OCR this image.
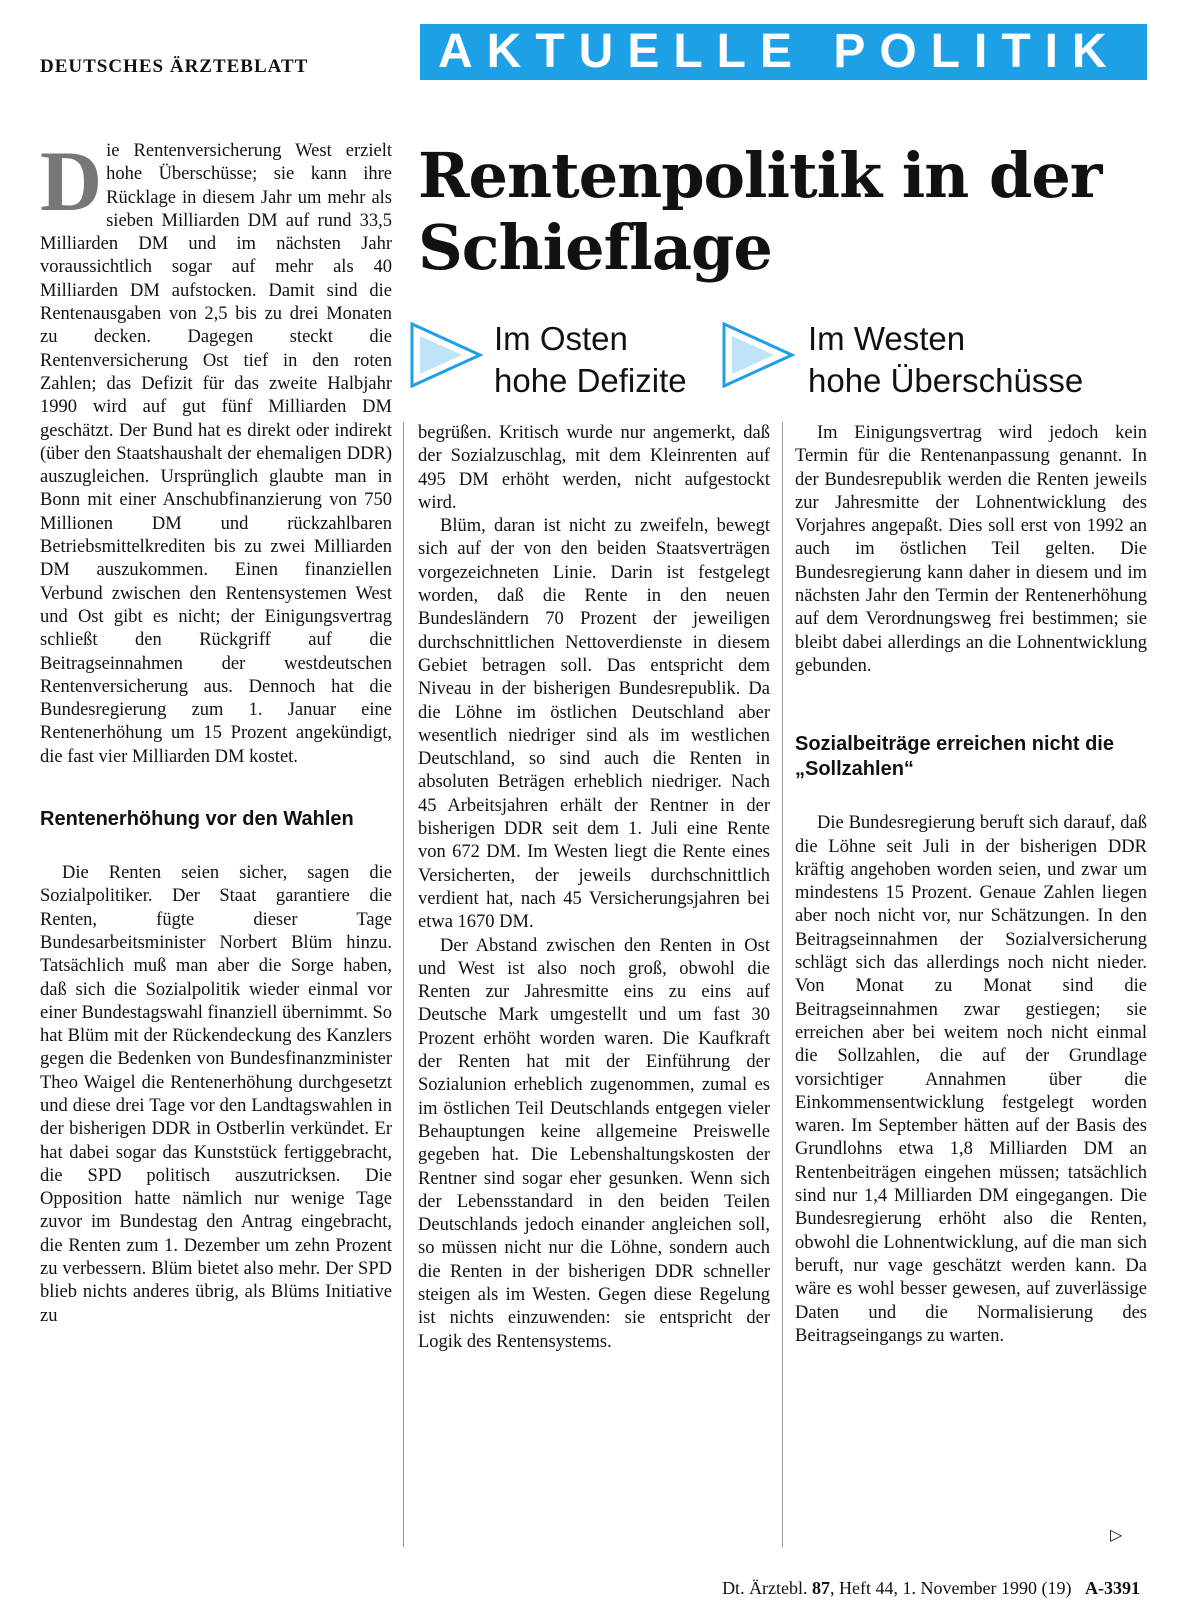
DEUTSCHES ÄRZTEBLATT	AKTUELLE POLITIK
Rentenpolitik in der Schieflage
Im Osten
hohe Defizite
Im Westen
hohe Überschüsse

Die Rentenversicherung West erzielt hohe Überschüsse; sie kann ihre Rücklage in diesem Jahr um mehr als sieben Milliarden DM auf rund 33,5 Milliarden DM und im nächsten Jahr voraussichtlich sogar auf mehr als 40 Milliarden DM aufstocken. Damit sind die Rentenausgaben von 2,5 bis zu drei Monaten zu decken. Dagegen steckt die Rentenversicherung Ost tief in den roten Zahlen; das Defizit für das zweite Halbjahr 1990 wird auf gut fünf Milliarden DM geschätzt. Der Bund hat es direkt oder indirekt (über den Staatshaushalt der ehemaligen DDR) auszugleichen. Ursprünglich glaubte man in Bonn mit einer Anschubfinanzierung von 750 Millionen DM und rückzahlbaren Betriebsmittelkrediten bis zu zwei Milliarden DM auszukommen. Einen finanziellen Verbund zwischen den Rentensystemen West und Ost gibt es nicht; der Einigungsvertrag schließt den Rückgriff auf die Beitragseinnahmen der westdeutschen Rentenversicherung aus. Dennoch hat die Bundesregierung zum 1. Januar eine Rentenerhöhung um 15 Prozent angekündigt, die fast vier Milliarden DM kostet.

Rentenerhöhung vor den Wahlen

Die Renten seien sicher, sagen die Sozialpolitiker. Der Staat garantiere die Renten, fügte dieser Tage Bundesarbeitsminister Norbert Blüm hinzu. Tatsächlich muß man aber die Sorge haben, daß sich die Sozialpolitik wieder einmal vor einer Bundestagswahl finanziell übernimmt. So hat Blüm mit der Rückendeckung des Kanzlers gegen die Bedenken von Bundesfinanzminister Theo Waigel die Rentenerhöhung durchgesetzt und diese drei Tage vor den Landtagswahlen in der bisherigen DDR in Ostberlin verkündet. Er hat dabei sogar das Kunststück fertiggebracht, die SPD politisch auszutricksen. Die Opposition hatte nämlich nur wenige Tage zuvor im Bundestag den Antrag eingebracht, die Renten zum 1. Dezember um zehn Prozent zu verbessern. Blüm bietet also mehr. Der SPD blieb nichts anderes übrig, als Blüms Initiative zu

begrüßen. Kritisch wurde nur angemerkt, daß der Sozialzuschlag, mit dem Kleinrenten auf 495 DM erhöht werden, nicht aufgestockt wird.

Blüm, daran ist nicht zu zweifeln, bewegt sich auf der von den beiden Staatsverträgen vorgezeichneten Linie. Darin ist festgelegt worden, daß die Rente in den neuen Bundesländern 70 Prozent der jeweiligen durchschnittlichen Nettoverdienste in diesem Gebiet betragen soll. Das entspricht dem Niveau in der bisherigen Bundesrepublik. Da die Löhne im östlichen Deutschland aber wesentlich niedriger sind als im westlichen Deutschland, so sind auch die Renten in absoluten Beträgen erheblich niedriger. Nach 45 Arbeitsjahren erhält der Rentner in der bisherigen DDR seit dem 1. Juli eine Rente von 672 DM. Im Westen liegt die Rente eines Versicherten, der jeweils durchschnittlich verdient hat, nach 45 Versicherungsjahren bei etwa 1670 DM.

Der Abstand zwischen den Renten in Ost und West ist also noch groß, obwohl die Renten zur Jahresmitte eins zu eins auf Deutsche Mark umgestellt und um fast 30 Prozent erhöht worden waren. Die Kaufkraft der Renten hat mit der Einführung der Sozialunion erheblich zugenommen, zumal es im östlichen Teil Deutschlands entgegen vieler Behauptungen keine allgemeine Preiswelle gegeben hat. Die Lebenshaltungskosten der Rentner sind sogar eher gesunken. Wenn sich der Lebensstandard in den beiden Teilen Deutschlands jedoch einander angleichen soll, so müssen nicht nur die Löhne, sondern auch die Renten in der bisherigen DDR schneller steigen als im Westen. Gegen diese Regelung ist nichts einzuwenden: sie entspricht der Logik des Rentensystems.

Im Einigungsvertrag wird jedoch kein Termin für die Rentenanpassung genannt. In der Bundesrepublik werden die Renten jeweils zur Jahresmitte der Lohnentwicklung des Vorjahres angepaßt. Dies soll erst von 1992 an auch im östlichen Teil gelten. Die Bundesregierung kann daher in diesem und im nächsten Jahr den Termin der Rentenerhöhung auf dem Verordnungsweg frei bestimmen; sie bleibt dabei allerdings an die Lohnentwicklung gebunden.

Sozialbeiträge erreichen nicht die „Sollzahlen“

Die Bundesregierung beruft sich darauf, daß die Löhne seit Juli in der bisherigen DDR kräftig angehoben worden seien, und zwar um mindestens 15 Prozent. Genaue Zahlen liegen aber noch nicht vor, nur Schätzungen. In den Beitragseinnahmen der Sozialversicherung schlägt sich das allerdings noch nicht nieder. Von Monat zu Monat sind die Beitragseinnahmen zwar gestiegen; sie erreichen aber bei weitem noch nicht einmal die Sollzahlen, die auf der Grundlage vorsichtiger Annahmen über die Einkommensentwicklung festgelegt worden waren. Im September hätten auf der Basis des Grundlohns etwa 1,8 Milliarden DM an Rentenbeiträgen eingehen müssen; tatsächlich sind nur 1,4 Milliarden DM eingegangen. Die Bundesregierung erhöht also die Renten, obwohl die Lohnentwicklung, auf die man sich beruft, nur vage geschätzt werden kann. Da wäre es wohl besser gewesen, auf zuverlässige Daten und die Normalisierung des Beitragseingangs zu warten.

▷
Dt. Ärztebl. 87, Heft 44, 1. November 1990 (19) A-3391
